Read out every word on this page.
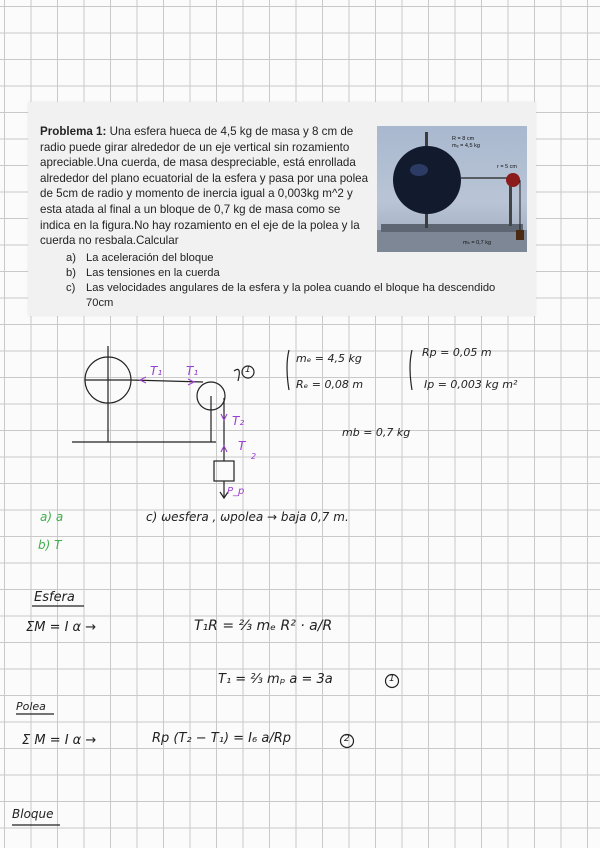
Problema 1: Una esfera hueca de 4,5 kg de masa y 8 cm de radio puede girar alrededor de un eje vertical sin rozamiento apreciable.Una cuerda, de masa despreciable, está enrollada alrededor del plano ecuatorial de la esfera y pasa por una polea de 5cm de radio y momento de inercia igual a 0,003kg m^2 y esta atada al final a un bloque de 0,7 kg de masa como se indica en la figura.No hay rozamiento en el eje de la polea y la cuerda no resbala.Calcular
a) La aceleración del bloque
b) Las tensiones en la cuerda
c) Las velocidades angulares de la esfera y la polea cuando el bloque ha descendido 70cm
R = 8 cm
mₑ = 4,5 kg
r = 5 cm
mₕ = 0,7 kg
T₁ T₁
T₂
T
2
1
P_p
mₑ = 4,5 kg
Rₑ = 0,08 m
Rp = 0,05 m
Ip = 0,003 kg m²
mb = 0,7 kg
a) a	c) ωesfera , ωpolea → baja 0,7 m.
b) T
Esfera
ΣM = I α →	T₁R = ⅔ mₑ R² · a/R
T₁ = ⅔ mₚ a = 3a	1
Polea
Σ M = I α →	Rp (T₂ − T₁) = I₆ a/Rp	2
Bloque
